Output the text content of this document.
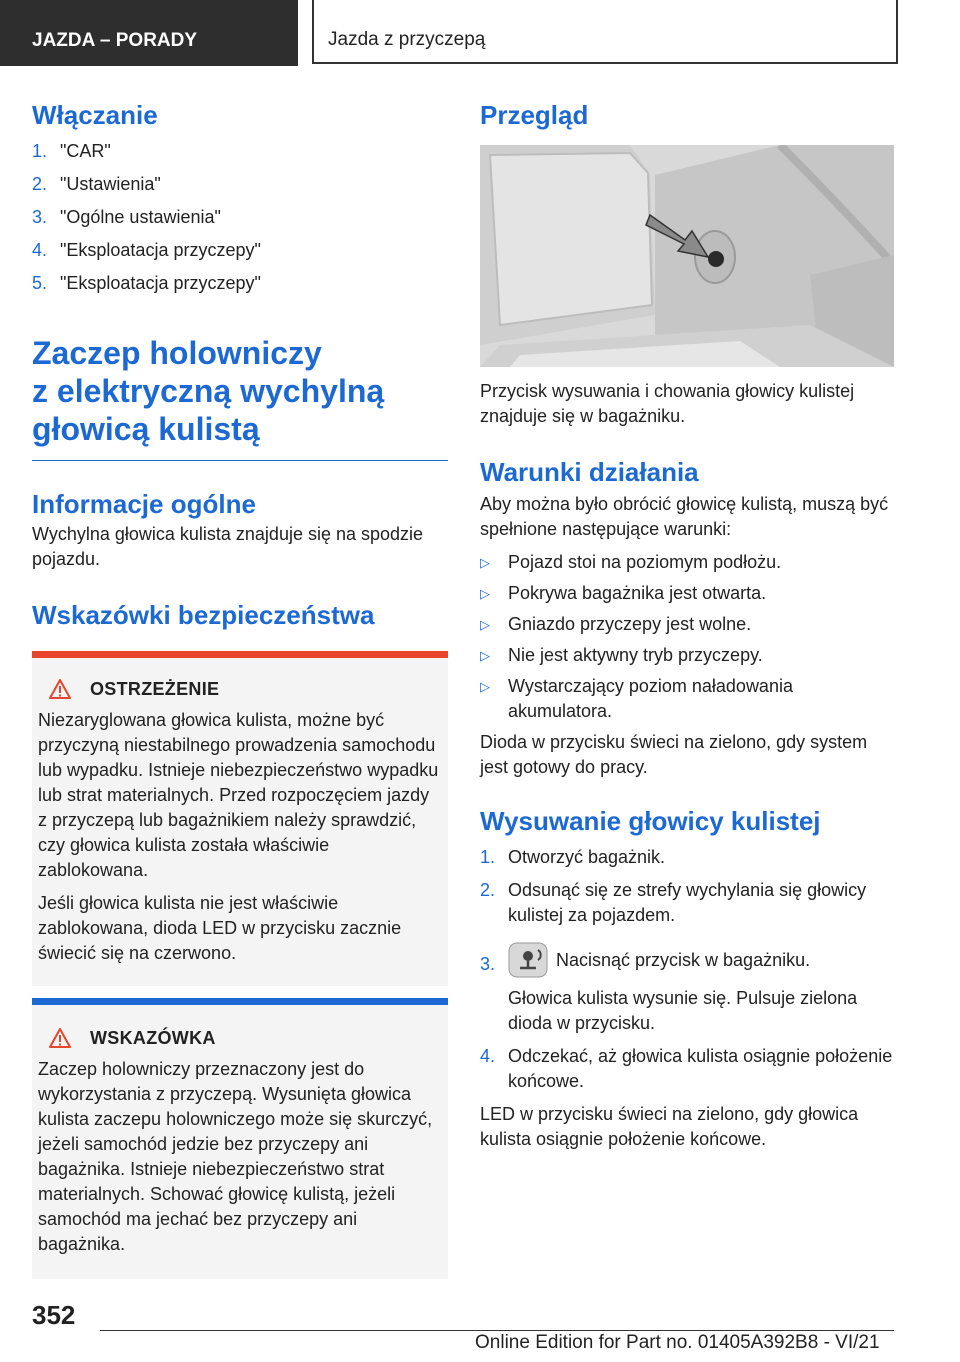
JAZDA – PORADY	Jazda z przyczepą
Włączanie
1. "CAR"
2. "Ustawienia"
3. "Ogólne ustawienia"
4. "Eksploatacja przyczepy"
5. "Eksploatacja przyczepy"
Zaczep holowniczy
z elektryczną wychylną
głowicą kulistą
Informacje ogólne
Wychylna głowica kulista znajduje się na spodzie pojazdu.
Wskazówki bezpieczeństwa
OSTRZEŻENIE
Niezaryglowana głowica kulista, możne być przyczyną niestabilnego prowadzenia samochodu lub wypadku. Istnieje niebezpieczeństwo wypadku lub strat materialnych. Przed rozpoczęciem jazdy z przyczepą lub bagażnikiem należy sprawdzić, czy głowica kulista została właściwie zablokowana.
Jeśli głowica kulista nie jest właściwie zablokowana, dioda LED w przycisku zacznie świecić się na czerwono.
WSKAZÓWKA
Zaczep holowniczy przeznaczony jest do wykorzystania z przyczepą. Wysunięta głowica kulista zaczepu holowniczego może się skurczyć, jeżeli samochód jedzie bez przyczepy ani bagażnika. Istnieje niebezpieczeństwo strat materialnych. Schować głowicę kulistą, jeżeli samochód ma jechać bez przyczepy ani bagażnika.
Przegląd
Przycisk wysuwania i chowania głowicy kulistej znajduje się w bagażniku.
Warunki działania
Aby można było obrócić głowicę kulistą, muszą być spełnione następujące warunki:
▷ Pojazd stoi na poziomym podłożu.
▷ Pokrywa bagażnika jest otwarta.
▷ Gniazdo przyczepy jest wolne.
▷ Nie jest aktywny tryb przyczepy.
▷ Wystarczający poziom naładowania akumulatora.
Dioda w przycisku świeci na zielono, gdy system jest gotowy do pracy.
Wysuwanie głowicy kulistej
1. Otworzyć bagażnik.
2. Odsunąć się ze strefy wychylania się głowicy kulistej za pojazdem.
3.	Nacisnąć przycisk w bagażniku.
Głowica kulista wysunie się. Pulsuje zielona dioda w przycisku.
4. Odczekać, aż głowica kulista osiągnie położenie końcowe.
LED w przycisku świeci na zielono, gdy głowica kulista osiągnie położenie końcowe.
352
Online Edition for Part no. 01405A392B8 - VI/21
